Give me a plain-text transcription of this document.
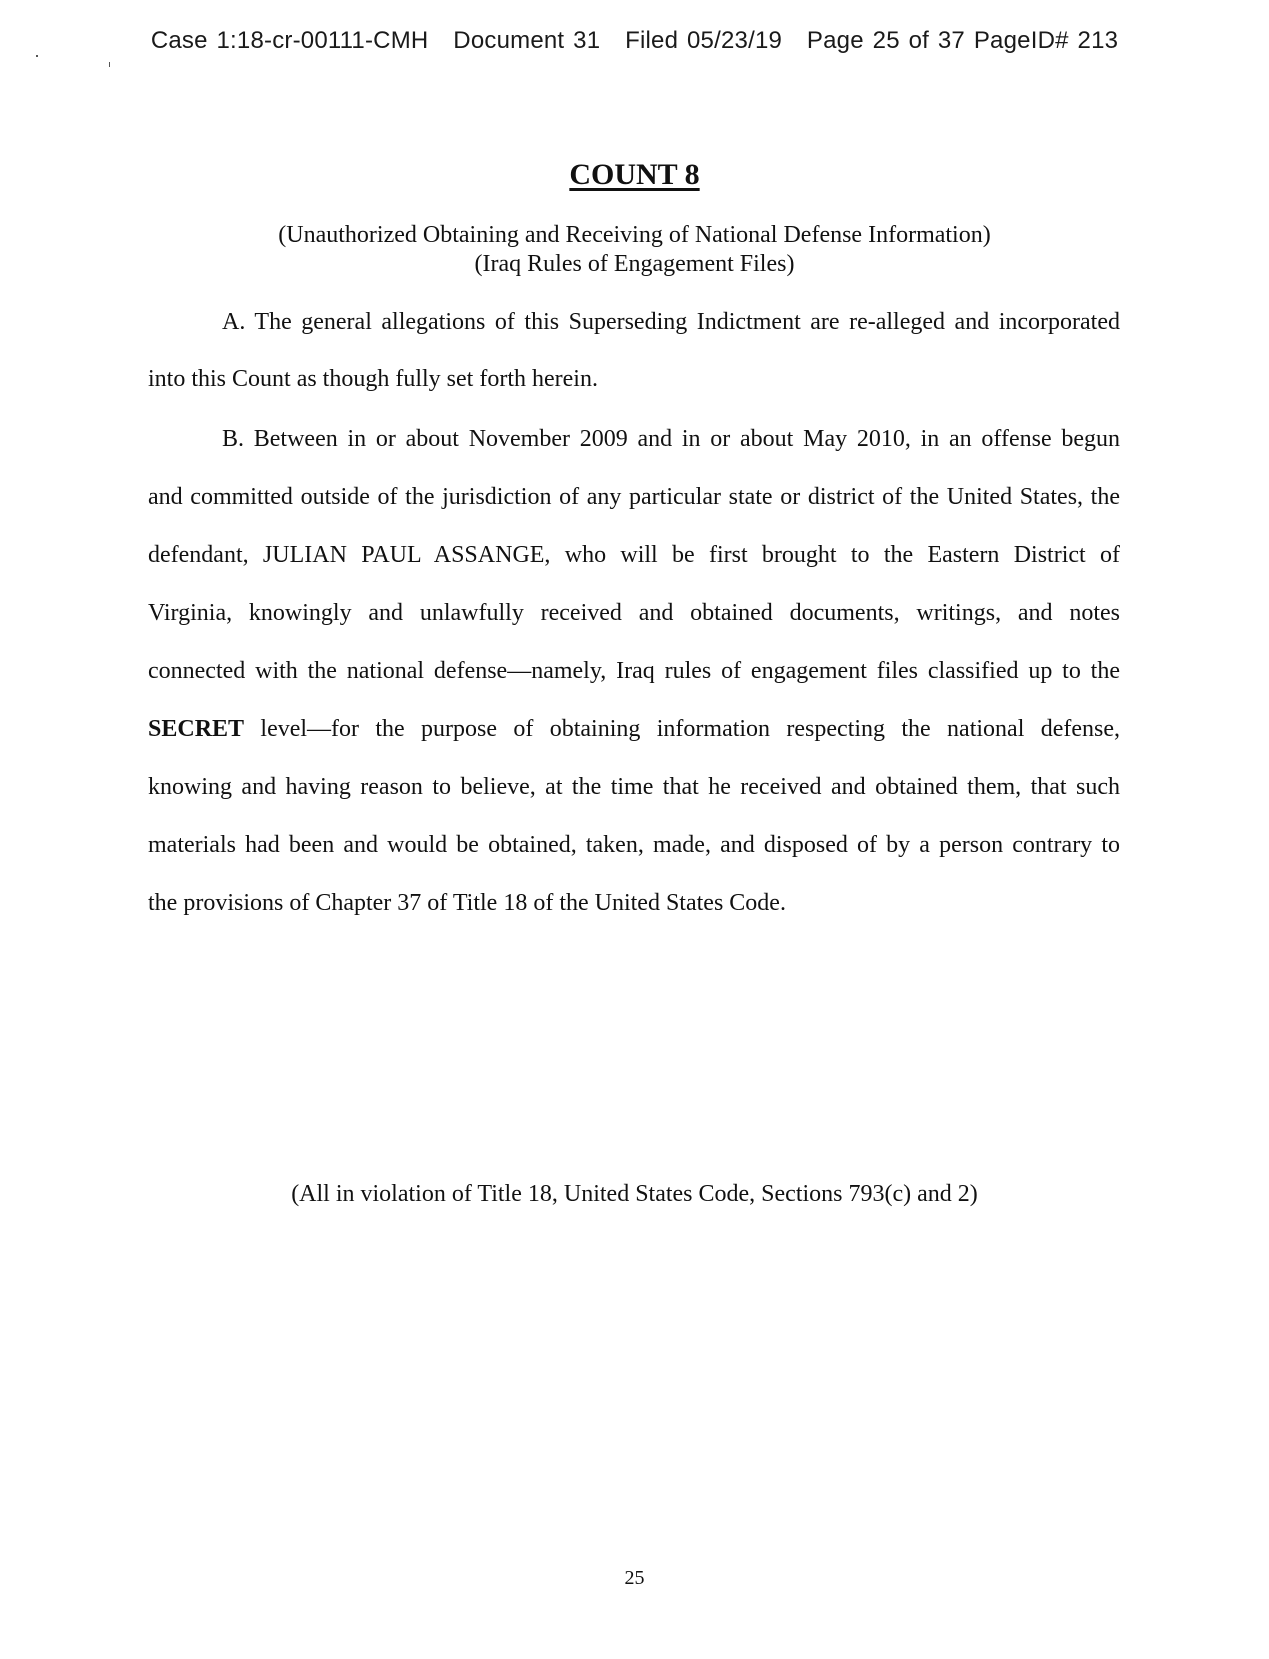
Case 1:18-cr-00111-CMH Document 31 Filed 05/23/19 Page 25 of 37 PageID# 213
COUNT 8
(Unauthorized Obtaining and Receiving of National Defense Information)
(Iraq Rules of Engagement Files)
A. The general allegations of this Superseding Indictment are re-alleged and incorporated
into this Count as though fully set forth herein.
B. Between in or about November 2009 and in or about May 2010, in an offense begun
and committed outside of the jurisdiction of any particular state or district of the United States, the
defendant, JULIAN PAUL ASSANGE, who will be first brought to the Eastern District of
Virginia, knowingly and unlawfully received and obtained documents, writings, and notes
connected with the national defense—namely, Iraq rules of engagement files classified up to the
SECRET level—for the purpose of obtaining information respecting the national defense,
knowing and having reason to believe, at the time that he received and obtained them, that such
materials had been and would be obtained, taken, made, and disposed of by a person contrary to
the provisions of Chapter 37 of Title 18 of the United States Code.
(All in violation of Title 18, United States Code, Sections 793(c) and 2)
25
